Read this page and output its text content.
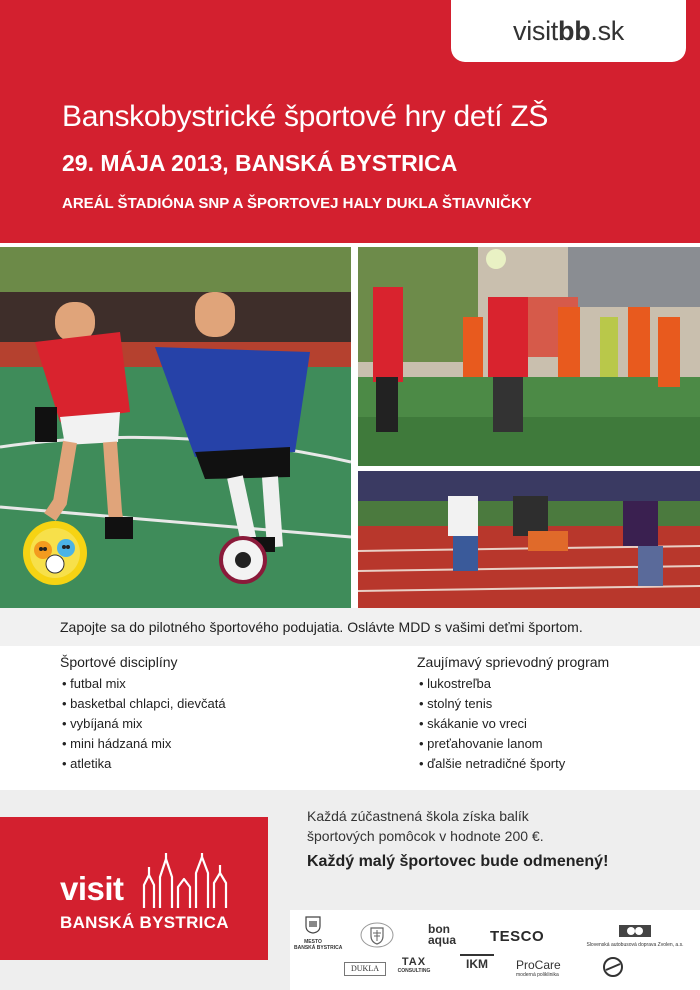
visit bb .sk
Banskobystrické športové hry detí ZŠ
29. MÁJA 2013, BANSKÁ BYSTRICA
AREÁL ŠTADIÓNA SNP A ŠPORTOVEJ HALY DUKLA ŠTIAVNIČKY
Zapojte sa do pilotného športového podujatia. Oslávte MDD s vašimi deťmi športom.
Športové disciplíny
• futbal mix
• basketbal chlapci, dievčatá
• vybíjaná mix
• mini hádzaná mix
• atletika
Zaujímavý sprievodný program
• lukostreľba
• stolný tenis
• skákanie vo vreci
• preťahovanie lanom
• ďalšie netradičné športy
visit
BANSKÁ BYSTRICA
Každá zúčastnená škola získa balík
športových pomôcok v hodnote 200 €.
Každý malý športovec bude odmenený!
MESTO
BANSKÁ BYSTRICA
DUKLA
bon
aqua TESCO	Slovenská autobusová doprava Zvolen, a.s.
TAX
CONSULTING	IKM	ProCare
moderná poliklinika
